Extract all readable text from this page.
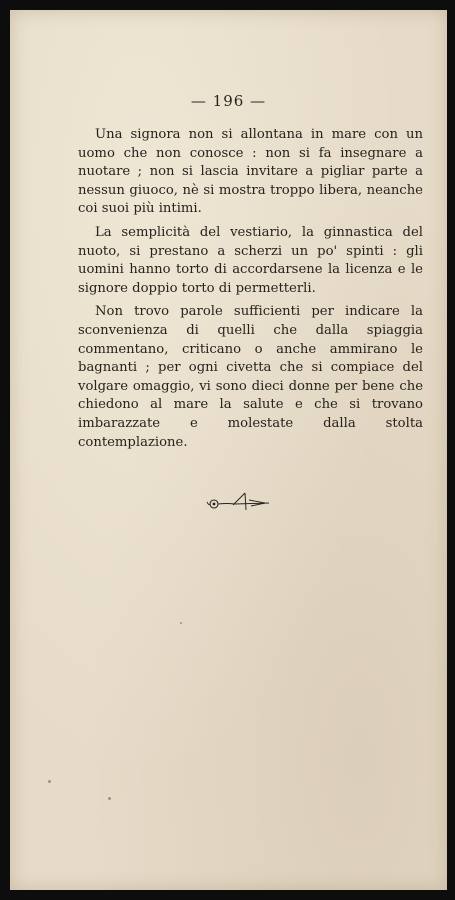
— 196 —

Una signora non si allontana in mare con un uomo che non conosce : non si fa insegnare a nuotare ; non si lascia invitare a pigliar parte a nessun giuoco, nè si mostra troppo libera, neanche coi suoi più intimi.

La semplicità del vestiario, la ginnastica del nuoto, si prestano a scherzi un po' spinti : gli uomini hanno torto di accordarsene la licenza e le signore doppio torto di permetterli.

Non trovo parole sufficienti per indicare la sconvenienza di quelli che dalla spiaggia commentano, criticano o anche ammirano le bagnanti ; per ogni civetta che si compiace del volgare omaggio, vi sono dieci donne per bene che chiedono al mare la salute e che si trovano imbarazzate e molestate dalla stolta contemplazione.
